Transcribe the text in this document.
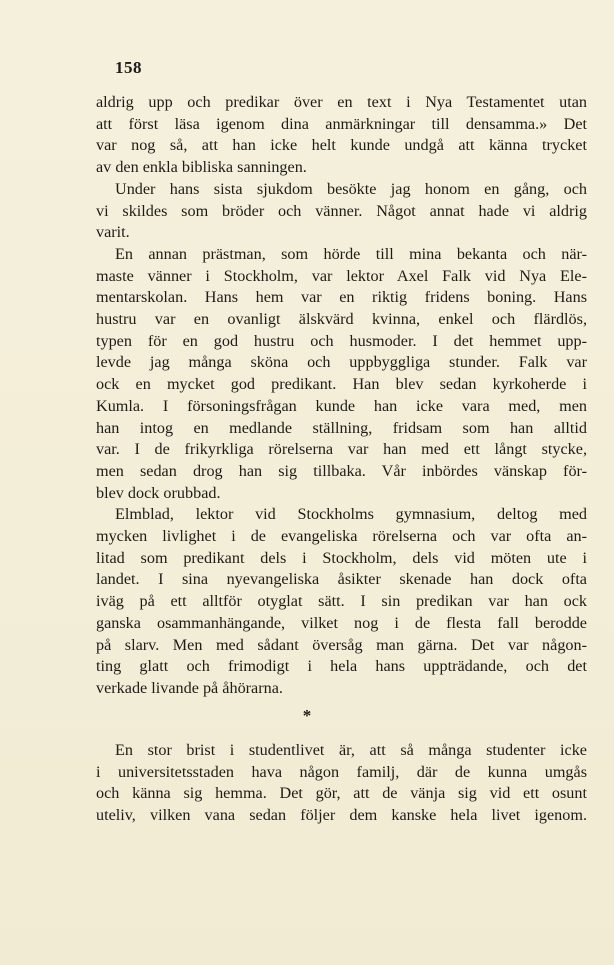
158

aldrig upp och predikar över en text i Nya Testamentet utan

att först läsa igenom dina anmärkningar till densamma.» Det

var nog så, att han icke helt kunde undgå att känna trycket

av den enkla bibliska sanningen.

Under hans sista sjukdom besökte jag honom en gång, och

vi skildes som bröder och vänner. Något annat hade vi aldrig

varit.

En annan prästman, som hörde till mina bekanta och när-

maste vänner i Stockholm, var lektor Axel Falk vid Nya Ele-

mentarskolan. Hans hem var en riktig fridens boning. Hans

hustru var en ovanligt älskvärd kvinna, enkel och flärdlös,

typen för en god hustru och husmoder. I det hemmet upp-

levde jag många sköna och uppbyggliga stunder. Falk var

ock en mycket god predikant. Han blev sedan kyrkoherde i

Kumla. I försoningsfrågan kunde han icke vara med, men

han intog en medlande ställning, fridsam som han alltid

var. I de frikyrkliga rörelserna var han med ett långt stycke,

men sedan drog han sig tillbaka. Vår inbördes vänskap för-

blev dock orubbad.

Elmblad, lektor vid Stockholms gymnasium, deltog med

mycken livlighet i de evangeliska rörelserna och var ofta an-

litad som predikant dels i Stockholm, dels vid möten ute i

landet. I sina nyevangeliska åsikter skenade han dock ofta

iväg på ett alltför otyglat sätt. I sin predikan var han ock

ganska osammanhängande, vilket nog i de flesta fall berodde

på slarv. Men med sådant översåg man gärna. Det var någon-

ting glatt och frimodigt i hela hans uppträdande, och det

verkade livande på åhörarna.

*

En stor brist i studentlivet är, att så många studenter icke

i universitetsstaden hava någon familj, där de kunna umgås

och känna sig hemma. Det gör, att de vänja sig vid ett osunt

uteliv, vilken vana sedan följer dem kanske hela livet igenom.
